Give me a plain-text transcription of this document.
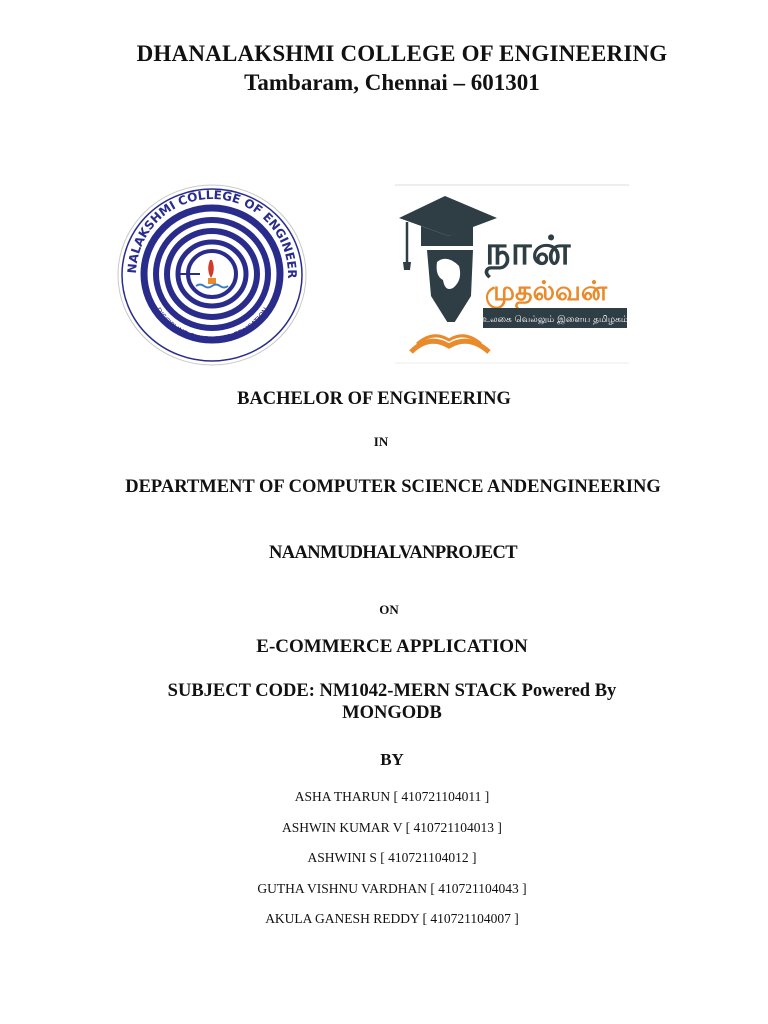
DHANALAKSHMI COLLEGE OF ENGINEERING
Tambaram, Chennai – 601301
NALAKSHMI COLLEGE OF ENGINEER
DISCIPLINE CHARACTER EDUCATION
நான்
முதல்வன்
உலகை வெல்லும் இளைய தமிழகம்
BACHELOR OF ENGINEERING
IN
DEPARTMENT OF COMPUTER SCIENCE ANDENGINEERING
NAANMUDHALVANPROJECT
ON
E-COMMERCE APPLICATION
SUBJECT CODE: NM1042-MERN STACK Powered By
MONGODB
BY
ASHA THARUN [ 410721104011 ]
ASHWIN KUMAR V [ 410721104013 ]
ASHWINI S [ 410721104012 ]
GUTHA VISHNU VARDHAN [ 410721104043 ]
AKULA GANESH REDDY [ 410721104007 ]
